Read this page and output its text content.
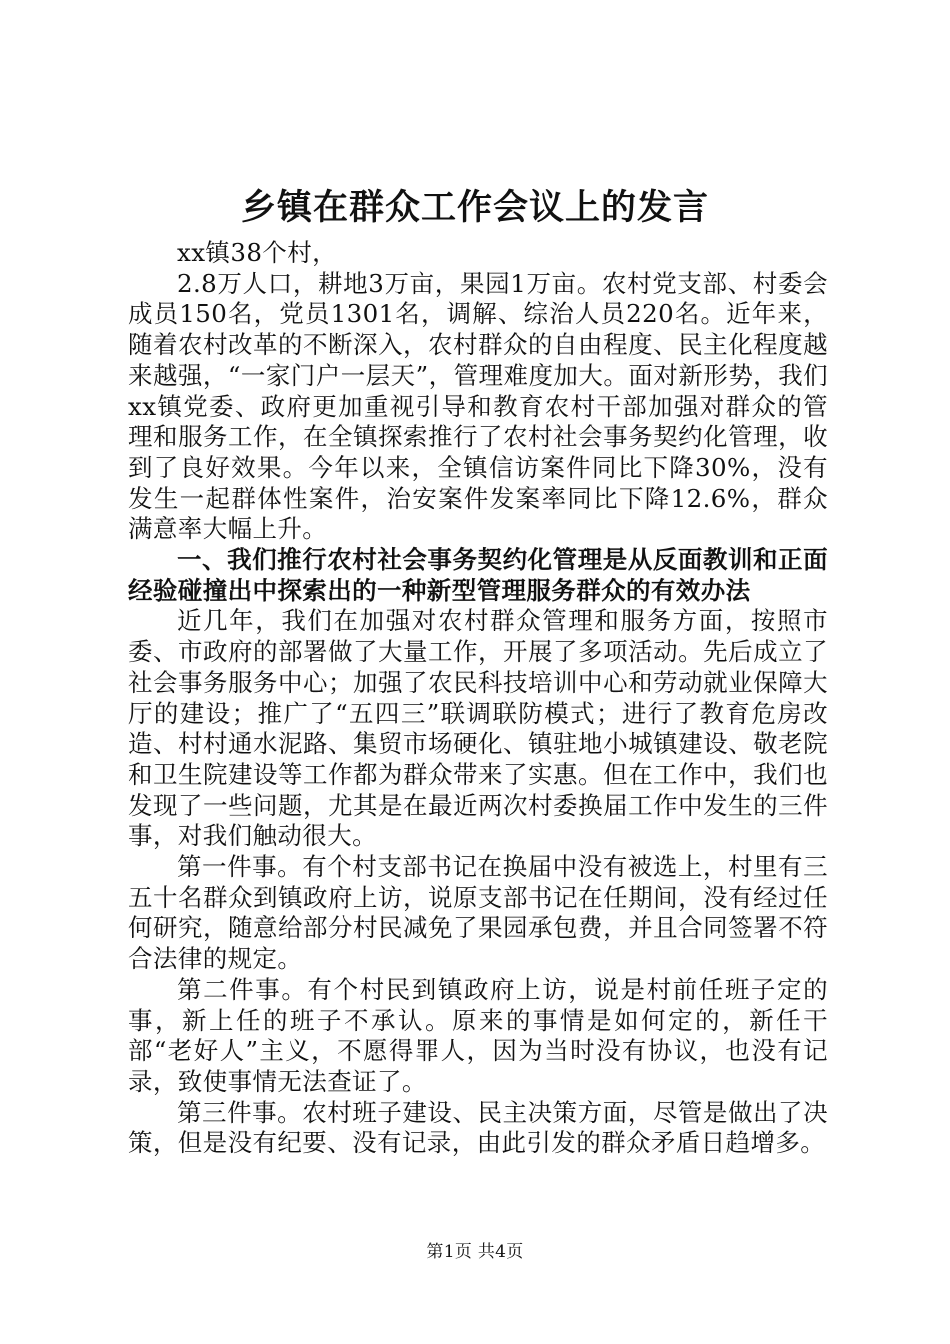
乡镇在群众工作会议上的发言

xx镇38个村，

2.8万人口，耕地3万亩，果园1万亩。农村党支部、村委会成员150名，党员1301名，调解、综治人员220名。近年来，随着农村改革的不断深入，农村群众的自由程度、民主化程度越来越强，“一家门户一层天”，管理难度加大。面对新形势，我们xx镇党委、政府更加重视引导和教育农村干部加强对群众的管理和服务工作，在全镇探索推行了农村社会事务契约化管理，收到了良好效果。今年以来，全镇信访案件同比下降30%，没有发生一起群体性案件，治安案件发案率同比下降12.6%，群众满意率大幅上升。

一、我们推行农村社会事务契约化管理是从反面教训和正面经验碰撞出中探索出的一种新型管理服务群众的有效办法

近几年，我们在加强对农村群众管理和服务方面，按照市委、市政府的部署做了大量工作，开展了多项活动。先后成立了社会事务服务中心；加强了农民科技培训中心和劳动就业保障大厅的建设；推广了“五四三”联调联防模式；进行了教育危房改造、村村通水泥路、集贸市场硬化、镇驻地小城镇建设、敬老院和卫生院建设等工作都为群众带来了实惠。但在工作中，我们也发现了一些问题，尤其是在最近两次村委换届工作中发生的三件事，对我们触动很大。

第一件事。有个村支部书记在换届中没有被选上，村里有三五十名群众到镇政府上访，说原支部书记在任期间，没有经过任何研究，随意给部分村民减免了果园承包费，并且合同签署不符合法律的规定。

第二件事。有个村民到镇政府上访，说是村前任班子定的事，新上任的班子不承认。原来的事情是如何定的，新任干部“老好人”主义，不愿得罪人，因为当时没有协议，也没有记录，致使事情无法查证了。

第三件事。农村班子建设、民主决策方面，尽管是做出了决策，但是没有纪要、没有记录，由此引发的群众矛盾日趋增多。

第1页 共4页
